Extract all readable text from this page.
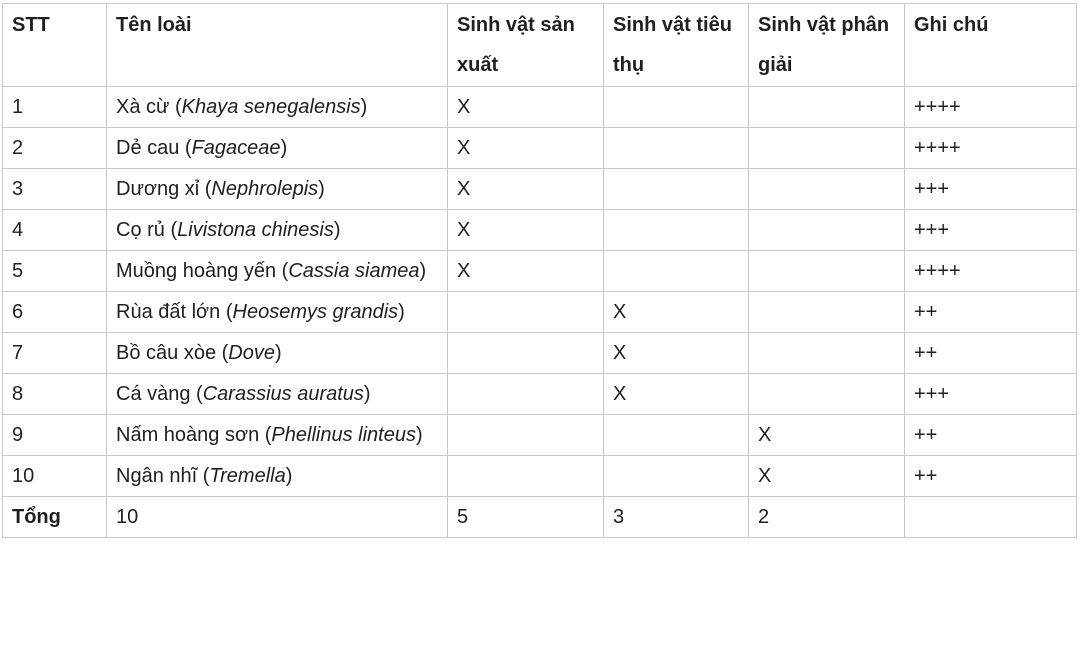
STT	Tên loài	Sinh vật sản xuất	Sinh vật tiêu thụ	Sinh vật phân giải	Ghi chú
1	Xà cừ (Khaya senegalensis)	X			++++
2	Dẻ cau (Fagaceae)	X			++++
3	Dương xỉ (Nephrolepis)	X			+++
4	Cọ rủ (Livistona chinesis)	X			+++
5	Muồng hoàng yến (Cassia siamea)	X			++++
6	Rùa đất lớn (Heosemys grandis)		X		++
7	Bồ câu xòe (Dove)		X		++
8	Cá vàng (Carassius auratus)		X		+++
9	Nấm hoàng sơn (Phellinus linteus)			X	++
10	Ngân nhĩ (Tremella)			X	++
Tổng	10	5	3	2	
